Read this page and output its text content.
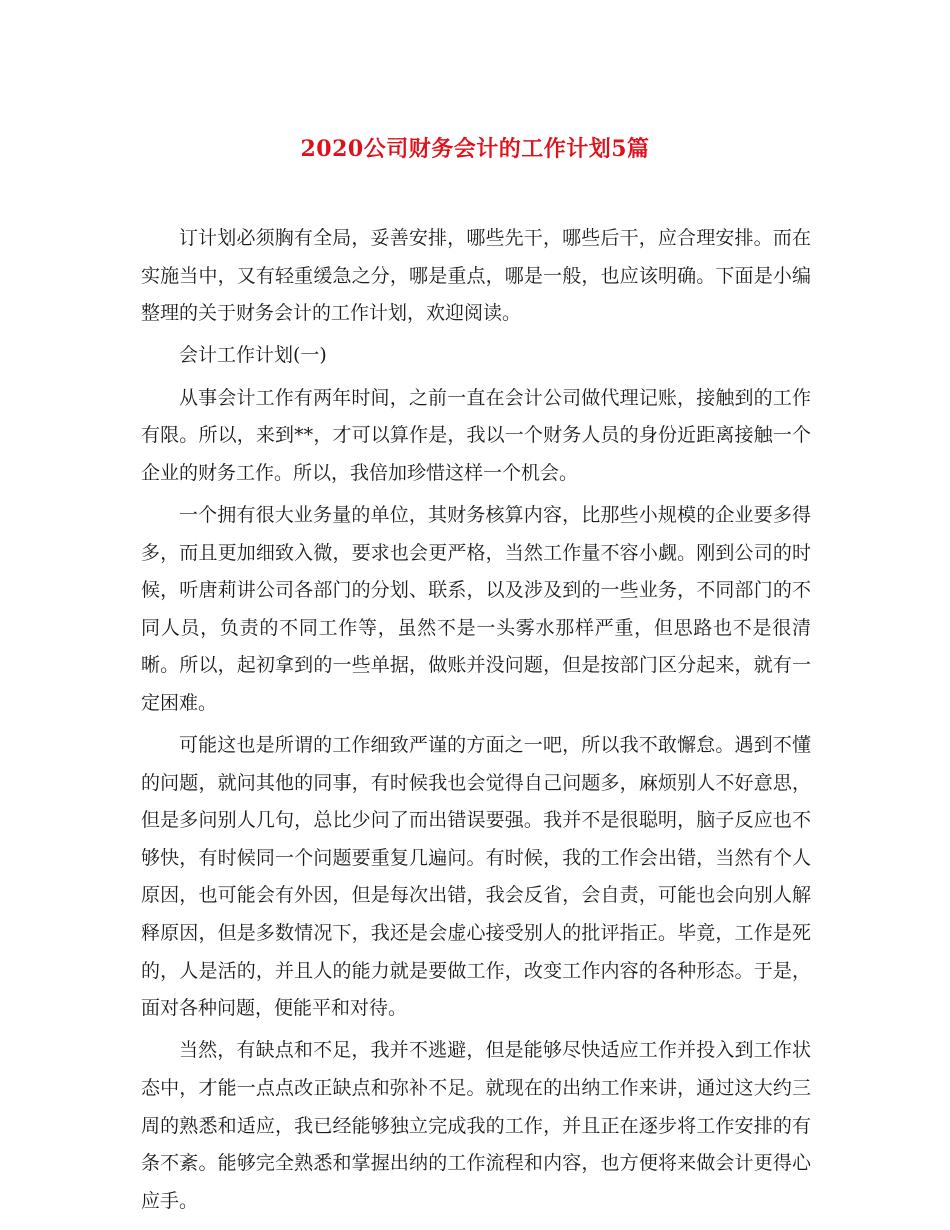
2020公司财务会计的工作计划5篇

订计划必须胸有全局，妥善安排，哪些先干，哪些后干，应合理安排。而在实施当中，又有轻重缓急之分，哪是重点，哪是一般，也应该明确。下面是小编整理的关于财务会计的工作计划，欢迎阅读。

会计工作计划(一)

从事会计工作有两年时间，之前一直在会计公司做代理记账，接触到的工作有限。所以，来到**，才可以算作是，我以一个财务人员的身份近距离接触一个企业的财务工作。所以，我倍加珍惜这样一个机会。

一个拥有很大业务量的单位，其财务核算内容，比那些小规模的企业要多得多，而且更加细致入微，要求也会更严格，当然工作量不容小觑。刚到公司的时候，听唐莉讲公司各部门的分划、联系，以及涉及到的一些业务，不同部门的不同人员，负责的不同工作等，虽然不是一头雾水那样严重，但思路也不是很清晰。所以，起初拿到的一些单据，做账并没问题，但是按部门区分起来，就有一定困难。

可能这也是所谓的工作细致严谨的方面之一吧，所以我不敢懈怠。遇到不懂的问题，就问其他的同事，有时候我也会觉得自己问题多，麻烦别人不好意思，但是多问别人几句，总比少问了而出错误要强。我并不是很聪明，脑子反应也不够快，有时候同一个问题要重复几遍问。有时候，我的工作会出错，当然有个人原因，也可能会有外因，但是每次出错，我会反省，会自责，可能也会向别人解释原因，但是多数情况下，我还是会虚心接受别人的批评指正。毕竟，工作是死的，人是活的，并且人的能力就是要做工作，改变工作内容的各种形态。于是，面对各种问题，便能平和对待。

当然，有缺点和不足，我并不逃避，但是能够尽快适应工作并投入到工作状态中，才能一点点改正缺点和弥补不足。就现在的出纳工作来讲，通过这大约三周的熟悉和适应，我已经能够独立完成我的工作，并且正在逐步将工作安排的有条不紊。能够完全熟悉和掌握出纳的工作流程和内容，也方便将来做会计更得心应手。
